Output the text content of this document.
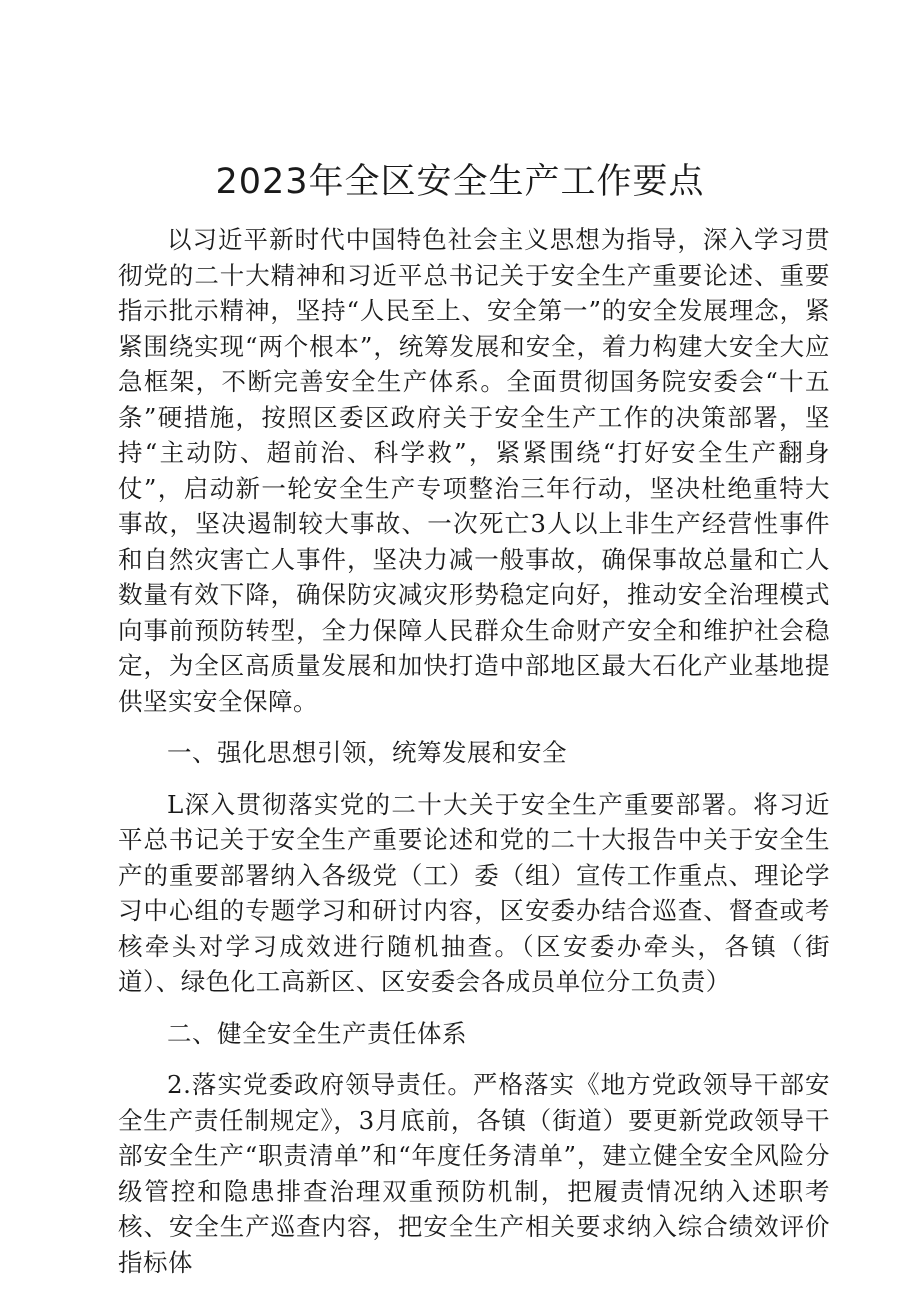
2023年全区安全生产工作要点

以习近平新时代中国特色社会主义思想为指导，深入学习贯彻党的二十大精神和习近平总书记关于安全生产重要论述、重要指示批示精神，坚持“人民至上、安全第一”的安全发展理念，紧紧围绕实现“两个根本”，统筹发展和安全，着力构建大安全大应急框架，不断完善安全生产体系。全面贯彻国务院安委会“十五条”硬措施，按照区委区政府关于安全生产工作的决策部署，坚持“主动防、超前治、科学救”，紧紧围绕“打好安全生产翻身仗”，启动新一轮安全生产专项整治三年行动，坚决杜绝重特大事故，坚决遏制较大事故、一次死亡3人以上非生产经营性事件和自然灾害亡人事件，坚决力减一般事故，确保事故总量和亡人数量有效下降，确保防灾减灾形势稳定向好，推动安全治理模式向事前预防转型，全力保障人民群众生命财产安全和维护社会稳定，为全区高质量发展和加快打造中部地区最大石化产业基地提供坚实安全保障。

一、强化思想引领，统筹发展和安全

L深入贯彻落实党的二十大关于安全生产重要部署。将习近平总书记关于安全生产重要论述和党的二十大报告中关于安全生产的重要部署纳入各级党（工）委（组）宣传工作重点、理论学习中心组的专题学习和研讨内容，区安委办结合巡查、督查或考核牵头对学习成效进行随机抽查。（区安委办牵头，各镇（街道）、绿色化工高新区、区安委会各成员单位分工负责）

二、健全安全生产责任体系

2.落实党委政府领导责任。严格落实《地方党政领导干部安全生产责任制规定》，3月底前，各镇（街道）要更新党政领导干部安全生产“职责清单”和“年度任务清单”，建立健全安全风险分级管控和隐患排查治理双重预防机制，把履责情况纳入述职考核、安全生产巡查内容，把安全生产相关要求纳入综合绩效评价指标体
